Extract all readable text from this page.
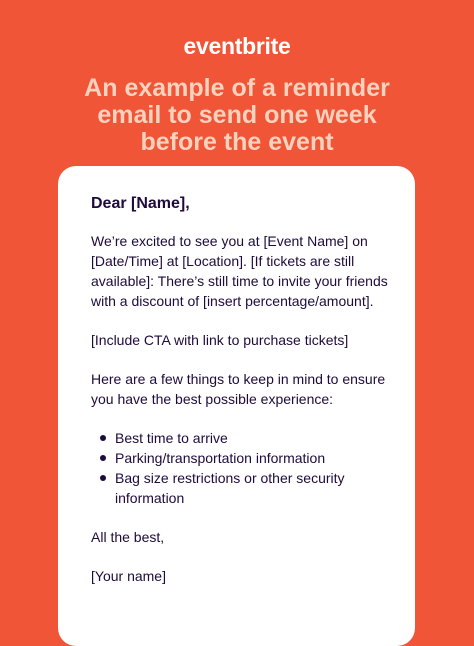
eventbrite
An example of a reminder
email to send one week
before the event
Dear [Name],
We’re excited to see you at [Event Name] on
[Date/Time] at [Location]. [If tickets are still
available]: There’s still time to invite your friends
with a discount of [insert percentage/amount].
[Include CTA with link to purchase tickets]
Here are a few things to keep in mind to ensure
you have the best possible experience:
Best time to arrive
Parking/transportation information
Bag size restrictions or other security
information
All the best,
[Your name]
